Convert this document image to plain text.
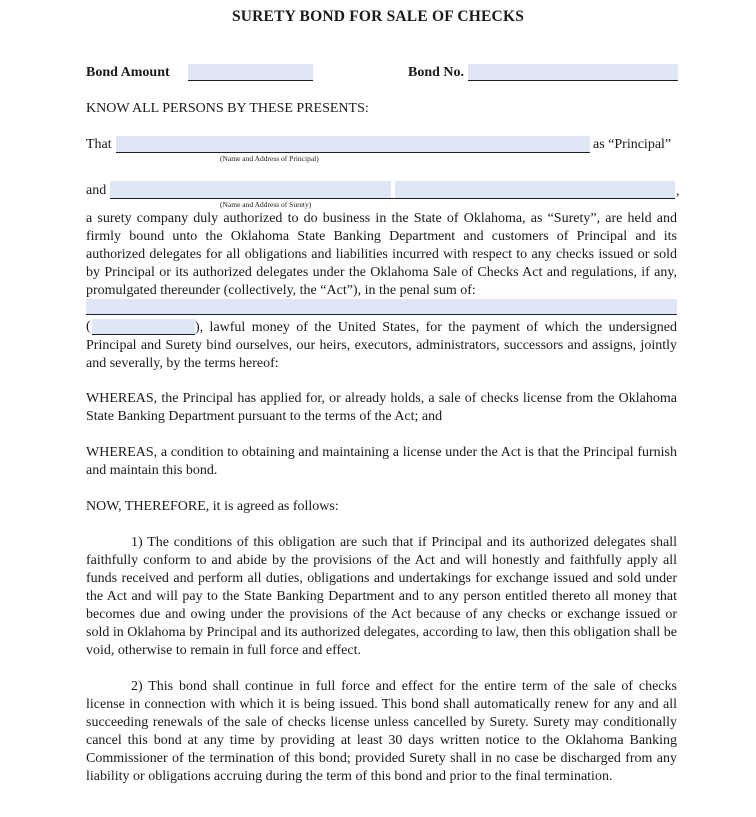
SURETY BOND FOR SALE OF CHECKS
Bond Amount	Bond No.
KNOW ALL PERSONS BY THESE PRESENTS:
That	as “Principal”
(Name and Address of Principal)
and	,
(Name and Address of Surety)
a surety company duly authorized to do business in the State of Oklahoma, as “Surety”, are held and firmly bound unto the Oklahoma State Banking Department and customers of Principal and its authorized delegates for all obligations and liabilities incurred with respect to any checks issued or sold by Principal or its authorized delegates under the Oklahoma Sale of Checks Act and regulations, if any, promulgated thereunder (collectively, the “Act”), in the penal sum of:
(	), lawful money of the United States, for the payment of which the undersigned Principal and Surety bind ourselves, our heirs, executors, administrators, successors and assigns, jointly and severally, by the terms hereof:
WHEREAS, the Principal has applied for, or already holds, a sale of checks license from the Oklahoma State Banking Department pursuant to the terms of the Act; and
WHEREAS, a condition to obtaining and maintaining a license under the Act is that the Principal furnish and maintain this bond.
NOW, THEREFORE, it is agreed as follows:
1) The conditions of this obligation are such that if Principal and its authorized delegates shall faithfully conform to and abide by the provisions of the Act and will honestly and faithfully apply all funds received and perform all duties, obligations and undertakings for exchange issued and sold under the Act and will pay to the State Banking Department and to any person entitled thereto all money that becomes due and owing under the provisions of the Act because of any checks or exchange issued or sold in Oklahoma by Principal and its authorized delegates, according to law, then this obligation shall be void, otherwise to remain in full force and effect.
2) This bond shall continue in full force and effect for the entire term of the sale of checks license in connection with which it is being issued. This bond shall automatically renew for any and all succeeding renewals of the sale of checks license unless cancelled by Surety. Surety may conditionally cancel this bond at any time by providing at least 30 days written notice to the Oklahoma Banking Commissioner of the termination of this bond; provided Surety shall in no case be discharged from any liability or obligations accruing during the term of this bond and prior to the final termination.
